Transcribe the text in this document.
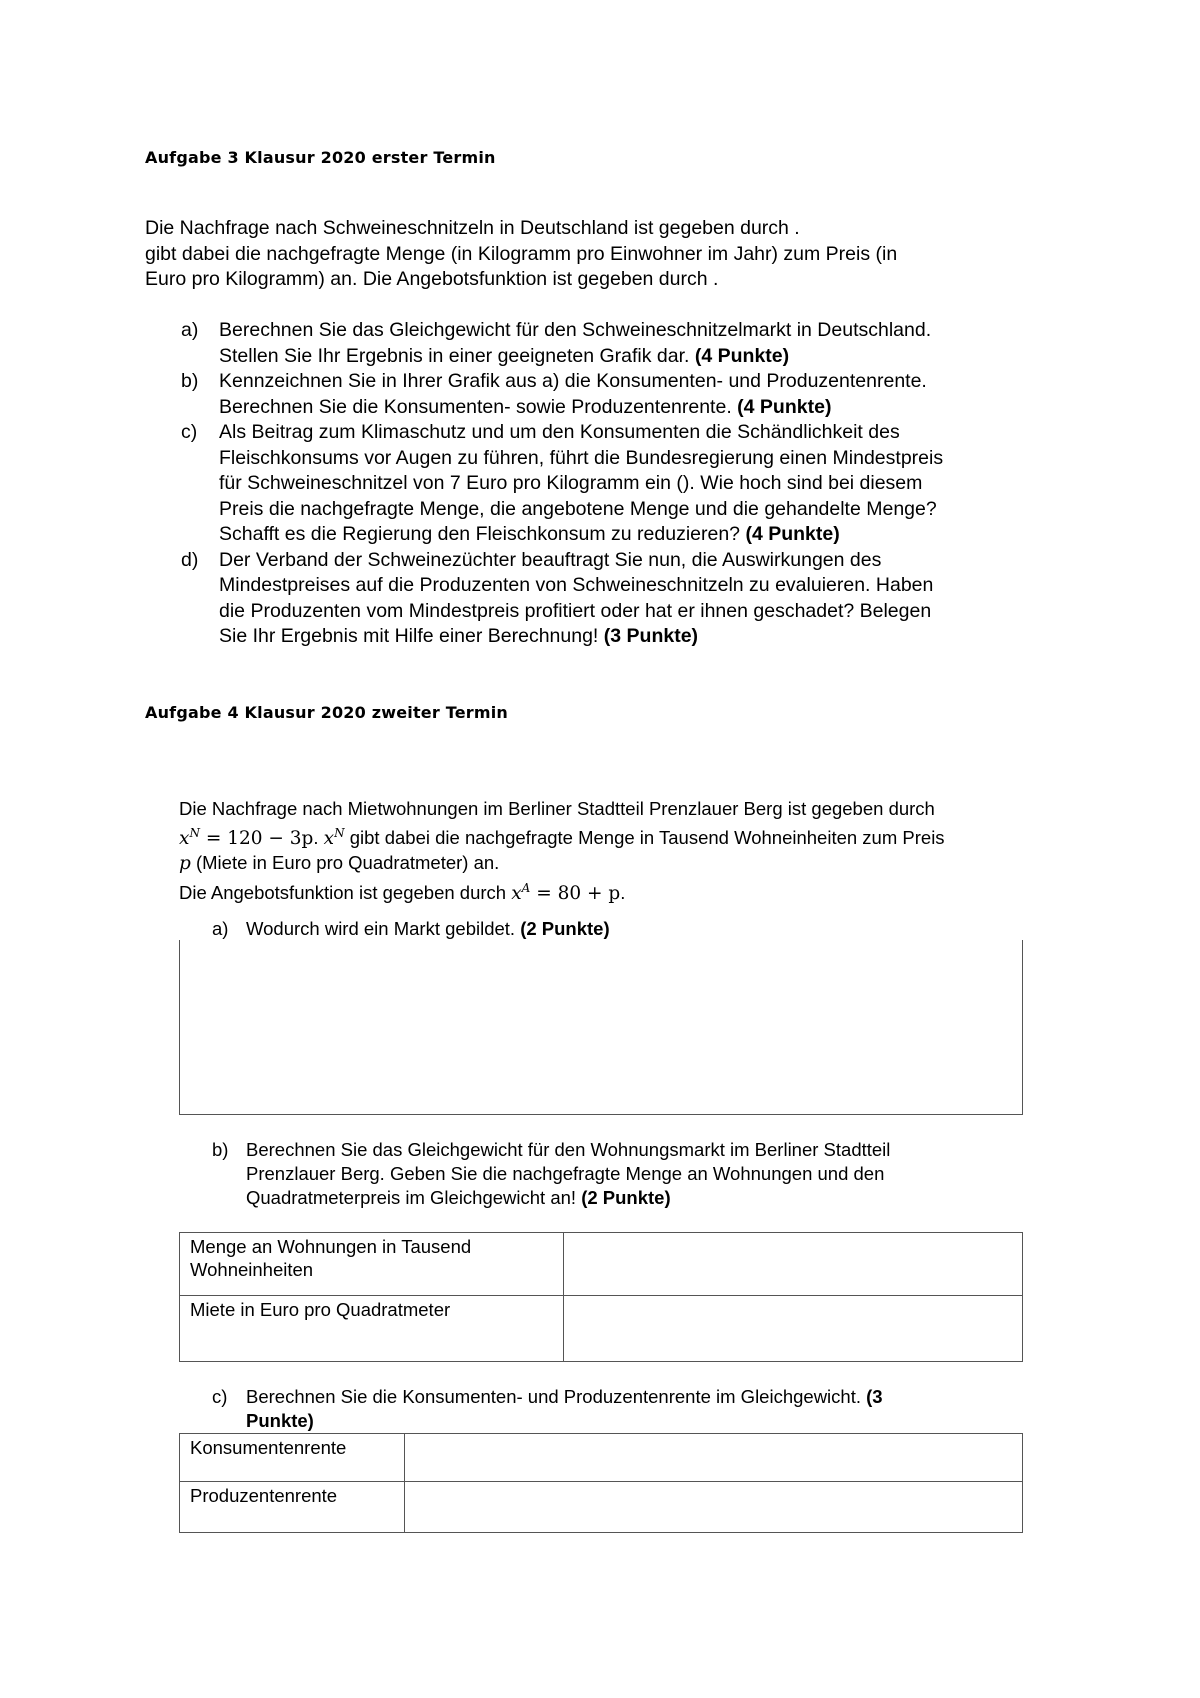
Aufgabe 3 Klausur 2020 erster Termin
Die Nachfrage nach Schweineschnitzeln in Deutschland ist gegeben durch .
gibt dabei die nachgefragte Menge (in Kilogramm pro Einwohner im Jahr) zum Preis (in
Euro pro Kilogramm) an. Die Angebotsfunktion ist gegeben durch .
a) Berechnen Sie das Gleichgewicht für den Schweineschnitzelmarkt in Deutschland.
Stellen Sie Ihr Ergebnis in einer geeigneten Grafik dar. (4 Punkte)
b) Kennzeichnen Sie in Ihrer Grafik aus a) die Konsumenten- und Produzentenrente.
Berechnen Sie die Konsumenten- sowie Produzentenrente. (4 Punkte)
c) Als Beitrag zum Klimaschutz und um den Konsumenten die Schändlichkeit des
Fleischkonsums vor Augen zu führen, führt die Bundesregierung einen Mindestpreis
für Schweineschnitzel von 7 Euro pro Kilogramm ein (). Wie hoch sind bei diesem
Preis die nachgefragte Menge, die angebotene Menge und die gehandelte Menge?
Schafft es die Regierung den Fleischkonsum zu reduzieren? (4 Punkte)
d) Der Verband der Schweinezüchter beauftragt Sie nun, die Auswirkungen des
Mindestpreises auf die Produzenten von Schweineschnitzeln zu evaluieren. Haben
die Produzenten vom Mindestpreis profitiert oder hat er ihnen geschadet? Belegen
Sie Ihr Ergebnis mit Hilfe einer Berechnung! (3 Punkte)
Aufgabe 4 Klausur 2020 zweiter Termin
Die Nachfrage nach Mietwohnungen im Berliner Stadtteil Prenzlauer Berg ist gegeben durch
$x^N = 120 - 3p$. $x^N$ gibt dabei die nachgefragte Menge in Tausend Wohneinheiten zum Preis
p (Miete in Euro pro Quadratmeter) an.
Die Angebotsfunktion ist gegeben durch $x^A = 80 + p$.
a) Wodurch wird ein Markt gebildet. (2 Punkte)
b) Berechnen Sie das Gleichgewicht für den Wohnungsmarkt im Berliner Stadtteil
Prenzlauer Berg. Geben Sie die nachgefragte Menge an Wohnungen und den
Quadratmeterpreis im Gleichgewicht an! (2 Punkte)
Menge an Wohnungen in Tausend
Wohneinheiten	

Miete in Euro pro Quadratmeter	

c) Berechnen Sie die Konsumenten- und Produzentenrente im Gleichgewicht. (3
Punkte)
Konsumentenrente	
Produzentenrente	
